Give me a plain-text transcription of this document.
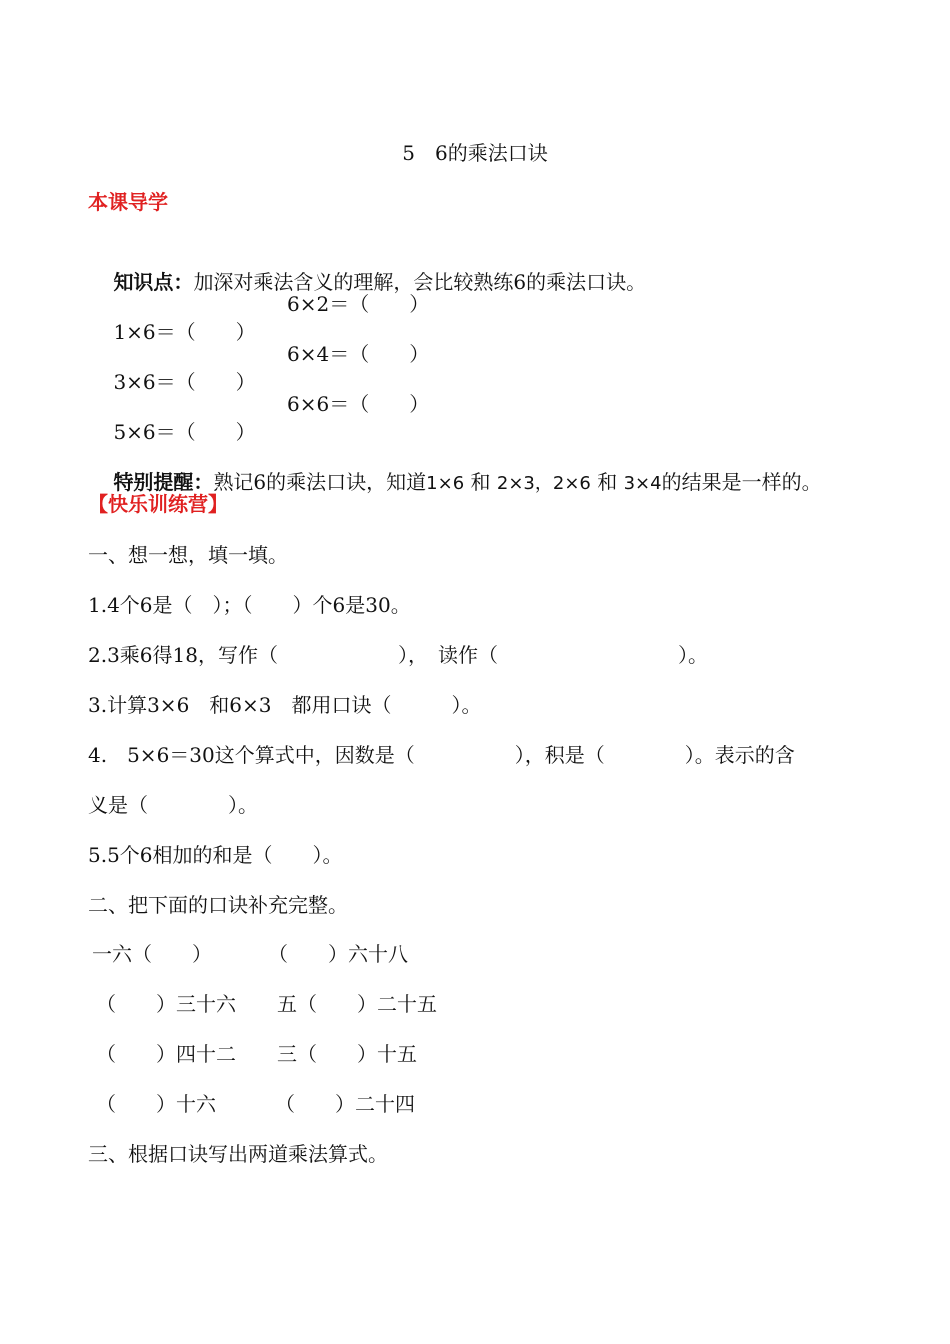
5　6的乘法口诀
本课导学

知识点：加深对乘法含义的理解，会比较熟练6的乘法口诀。

1×6＝（　　）

6×2＝（　　）

3×6＝（　　）

6×4＝（　　）

5×6＝（　　）

6×6＝（　　）

特别提醒：熟记6的乘法口诀，知道1×6 和 2×3，2×6 和 3×4的结果是一样的。

【快乐训练营】
一、想一想，填一填。
1.4个6是（　）；（　　）个6是30。
2.3乘6得18，写作（　　　　　　），　读作（　　　　　　　　　）。
3.计算3×6　和6×3　都用口诀（　　　）。
4.　5×6＝30这个算式中，因数是（　　　　　），积是（　　　　）。表示的含
义是（　　　　）。
5.5个6相加的和是（　　）。
二、把下面的口诀补充完整。
一六（　　）	（　　）六十八
（　　）三十六 五（　　）二十五
（　　）四十二 三（　　）十五
（　　）十六	（　　）二十四
三、根据口诀写出两道乘法算式。
